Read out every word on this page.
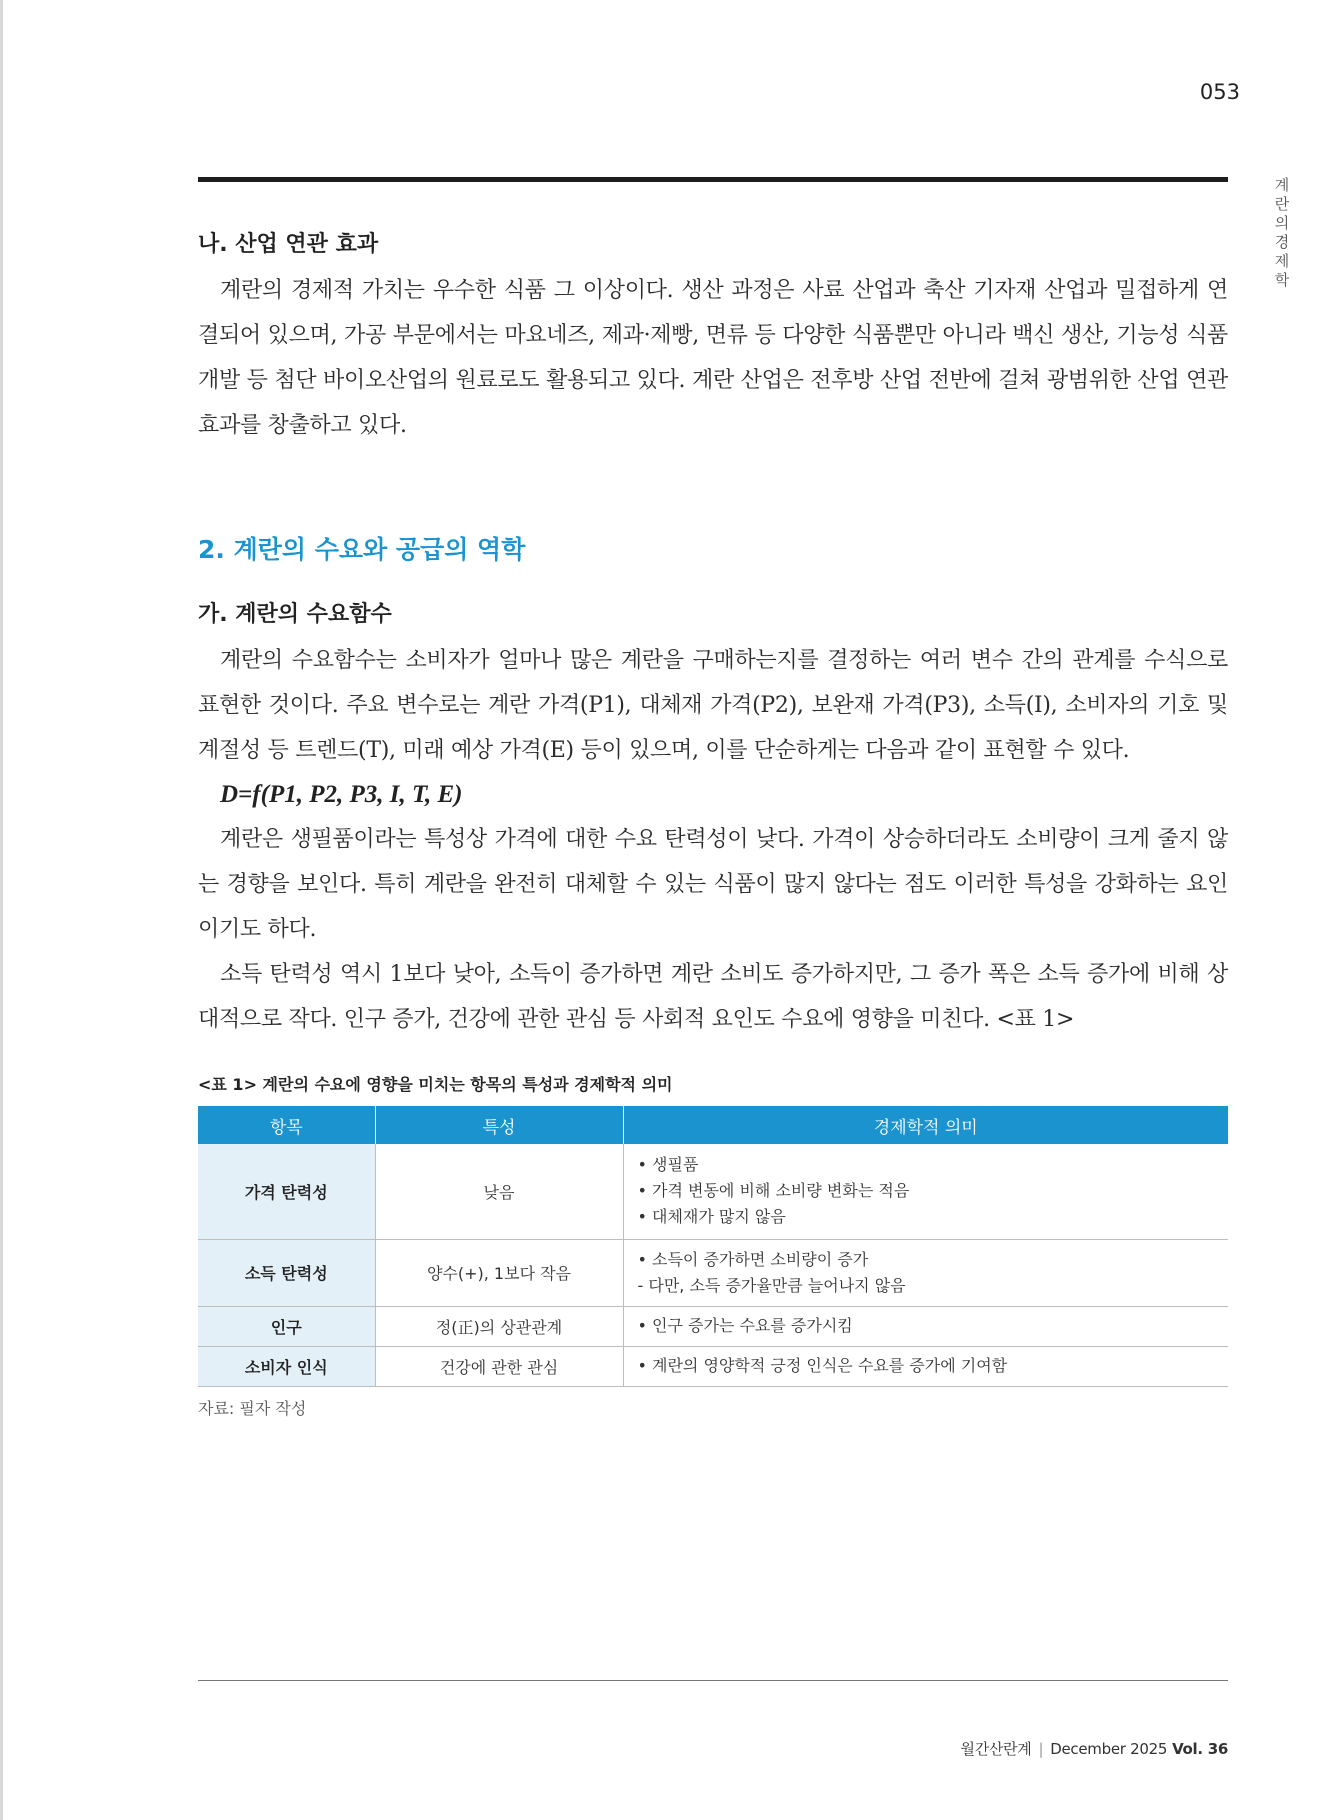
053
계란의 경제학
나. 산업 연관 효과

계란의 경제적 가치는 우수한 식품 그 이상이다. 생산 과정은 사료 산업과 축산 기자재 산업과 밀접하게 연결되어 있으며, 가공 부문에서는 마요네즈, 제과·제빵, 면류 등 다양한 식품뿐만 아니라 백신 생산, 기능성 식품 개발 등 첨단 바이오산업의 원료로도 활용되고 있다. 계란 산업은 전후방 산업 전반에 걸쳐 광범위한 산업 연관 효과를 창출하고 있다.

2. 계란의 수요와 공급의 역학
가. 계란의 수요함수

계란의 수요함수는 소비자가 얼마나 많은 계란을 구매하는지를 결정하는 여러 변수 간의 관계를 수식으로 표현한 것이다. 주요 변수로는 계란 가격(P1), 대체재 가격(P2), 보완재 가격(P3), 소득(I), 소비자의 기호 및 계절성 등 트렌드(T), 미래 예상 가격(E) 등이 있으며, 이를 단순하게는 다음과 같이 표현할 수 있다.

D=f(P1, P2, P3, I, T, E)

계란은 생필품이라는 특성상 가격에 대한 수요 탄력성이 낮다. 가격이 상승하더라도 소비량이 크게 줄지 않는 경향을 보인다. 특히 계란을 완전히 대체할 수 있는 식품이 많지 않다는 점도 이러한 특성을 강화하는 요인이기도 하다.

소득 탄력성 역시 1보다 낮아, 소득이 증가하면 계란 소비도 증가하지만, 그 증가 폭은 소득 증가에 비해 상대적으로 작다. 인구 증가, 건강에 관한 관심 등 사회적 요인도 수요에 영향을 미친다. <표 1>

<표 1> 계란의 수요에 영향을 미치는 항목의 특성과 경제학적 의미

항목	특성	경제학적 의미
가격 탄력성	낮음	• 생필품
• 가격 변동에 비해 소비량 변화는 적음
• 대체재가 많지 않음

소득 탄력성	양수(+), 1보다 작음	• 소득이 증가하면 소비량이 증가
- 다만, 소득 증가율만큼 늘어나지 않음

인구	정(正)의 상관관계	• 인구 증가는 수요를 증가시킴

소비자 인식	건강에 관한 관심	• 계란의 영양학적 긍정 인식은 수요를 증가에 기여함

자료: 필자 작성

월간산란계 | December 2025 Vol. 36
